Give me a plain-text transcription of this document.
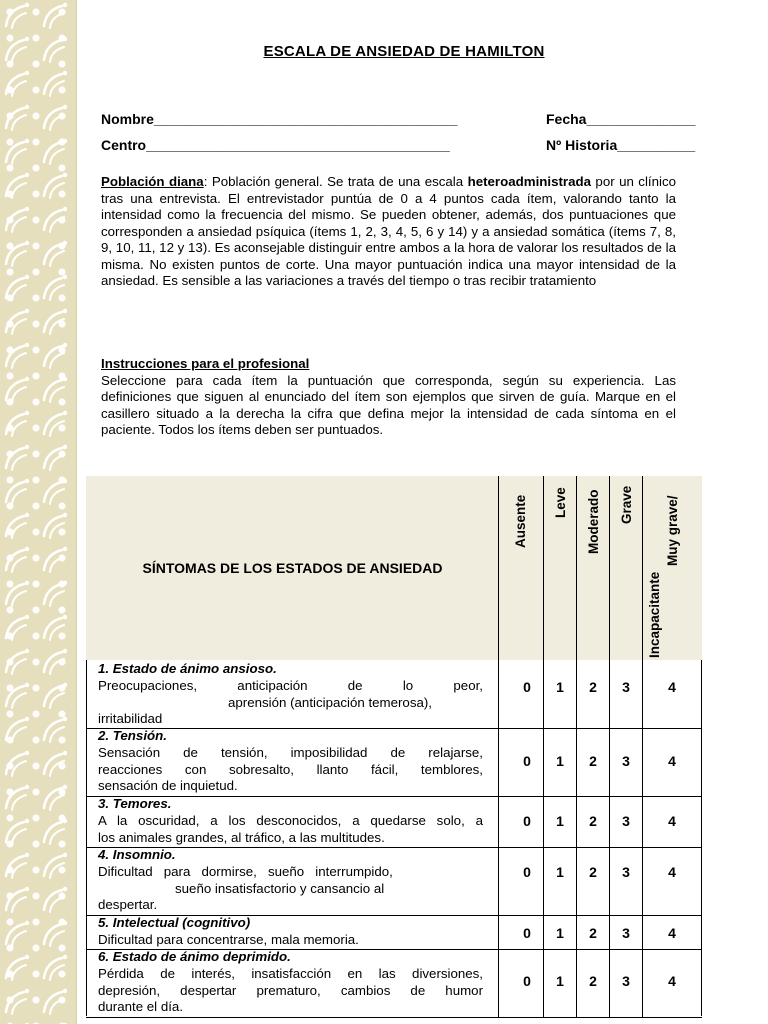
ESCALA DE ANSIEDAD DE HAMILTON
Nombre_______________________________________	Fecha______________
Centro_______________________________________	Nº Historia__________
Población diana: Población general. Se trata de una escala heteroadministrada por un clínico tras una entrevista. El entrevistador puntúa de 0 a 4 puntos cada ítem, valorando tanto la intensidad como la frecuencia del mismo. Se pueden obtener, además, dos puntuaciones que corresponden a ansiedad psíquica (ítems 1, 2, 3, 4, 5, 6 y 14) y a ansiedad somática (ítems 7, 8, 9, 10, 11, 12 y 13). Es aconsejable distinguir entre ambos a la hora de valorar los resultados de la misma. No existen puntos de corte. Una mayor puntuación indica una mayor intensidad de la ansiedad. Es sensible a las variaciones a través del tiempo o tras recibir tratamiento
Instrucciones para el profesional
Seleccione para cada ítem la puntuación que corresponda, según su experiencia. Las definiciones que siguen al enunciado del ítem son ejemplos que sirven de guía. Marque en el casillero situado a la derecha la cifra que defina mejor la intensidad de cada síntoma en el paciente. Todos los ítems deben ser puntuados.
SÍNTOMAS DE LOS ESTADOS DE ANSIEDAD
Ausente Leve Moderado Grave
Incapacitante
Muy grave/
1. Estado de ánimo ansioso.
Preocupaciones, anticipación de lo peor,
aprensión (anticipación temerosa),
irritabilidad
0	1	2	3	4
2. Tensión.
Sensación de tensión, imposibilidad de relajarse,
reacciones con sobresalto, llanto fácil, temblores,
sensación de inquietud.
0	1	2	3	4
3. Temores.
A la oscuridad, a los desconocidos, a quedarse solo, a
los animales grandes, al tráfico, a las multitudes.
0	1	2	3	4
4. Insomnio.
Dificultad   para   dormirse,   sueño   interrumpido,
sueño insatisfactorio y cansancio al
despertar.
0	1	2	3	4
5. Intelectual (cognitivo)
Dificultad para concentrarse, mala memoria.	0	1	2	3	4
6. Estado de ánimo deprimido.
Pérdida de interés, insatisfacción en las diversiones,
depresión, despertar prematuro, cambios de humor
durante el día.
0	1	2	3	4
